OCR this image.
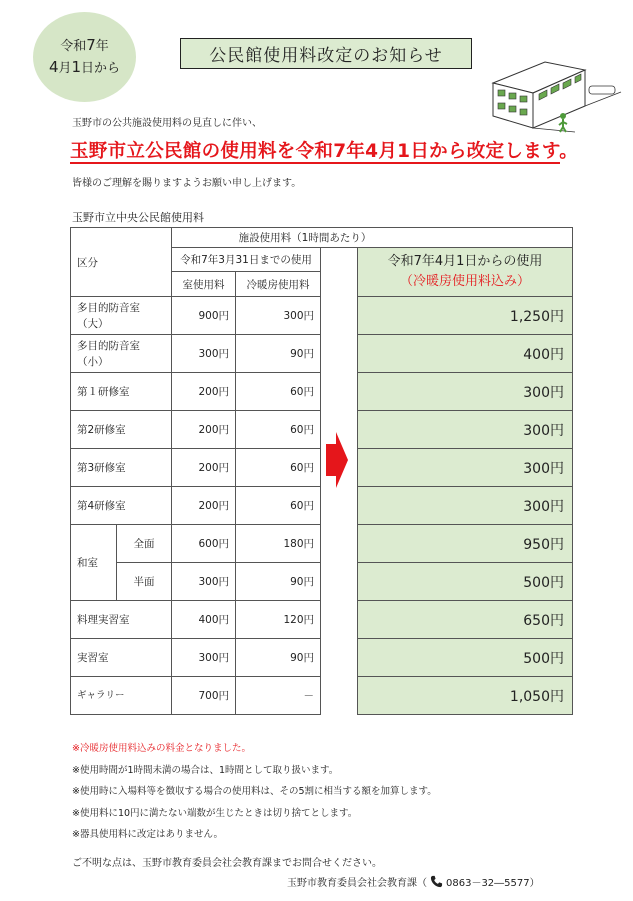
令和7年
4月1日から
公民館使用料改定のお知らせ
玉野市の公共施設使用料の見直しに伴い、
玉野市立公民館の使用料を令和7年4月1日から改定します。
皆様のご理解を賜りますようお願い申し上げます。
玉野市立中央公民館使用料
区分		施設使用料（1時間あたり）			
		令和7年3月31日までの使用			令和7年4月1日からの使用
（冷暖房使用料込み）

		室使用料	冷暖房使用料		
多目的防音室
（大）		900円	300円		1,250円
多目的防音室
（小）		300円	90円		400円
第１研修室		200円	60円		300円
第2研修室		200円	60円		300円
第3研修室		200円	60円		300円
第4研修室		200円	60円		300円
和室	全面	600円	180円		950円
	半面	300円	90円		500円
料理実習室		400円	120円		650円
実習室		300円	90円		500円
ギャラリー		700円	－		1,050円
※冷暖房使用料込みの料金となりました。
※使用時間が1時間未満の場合は、1時間として取り扱います。
※使用時に入場料等を徴収する場合の使用料は、その5割に相当する額を加算します。
※使用料に10円に満たない端数が生じたときは切り捨てとします。
※器具使用料に改定はありません。
ご不明な点は、玉野市教育委員会社会教育課までお問合せください。
玉野市教育委員会社会教育課（ 0863－32―5577）
